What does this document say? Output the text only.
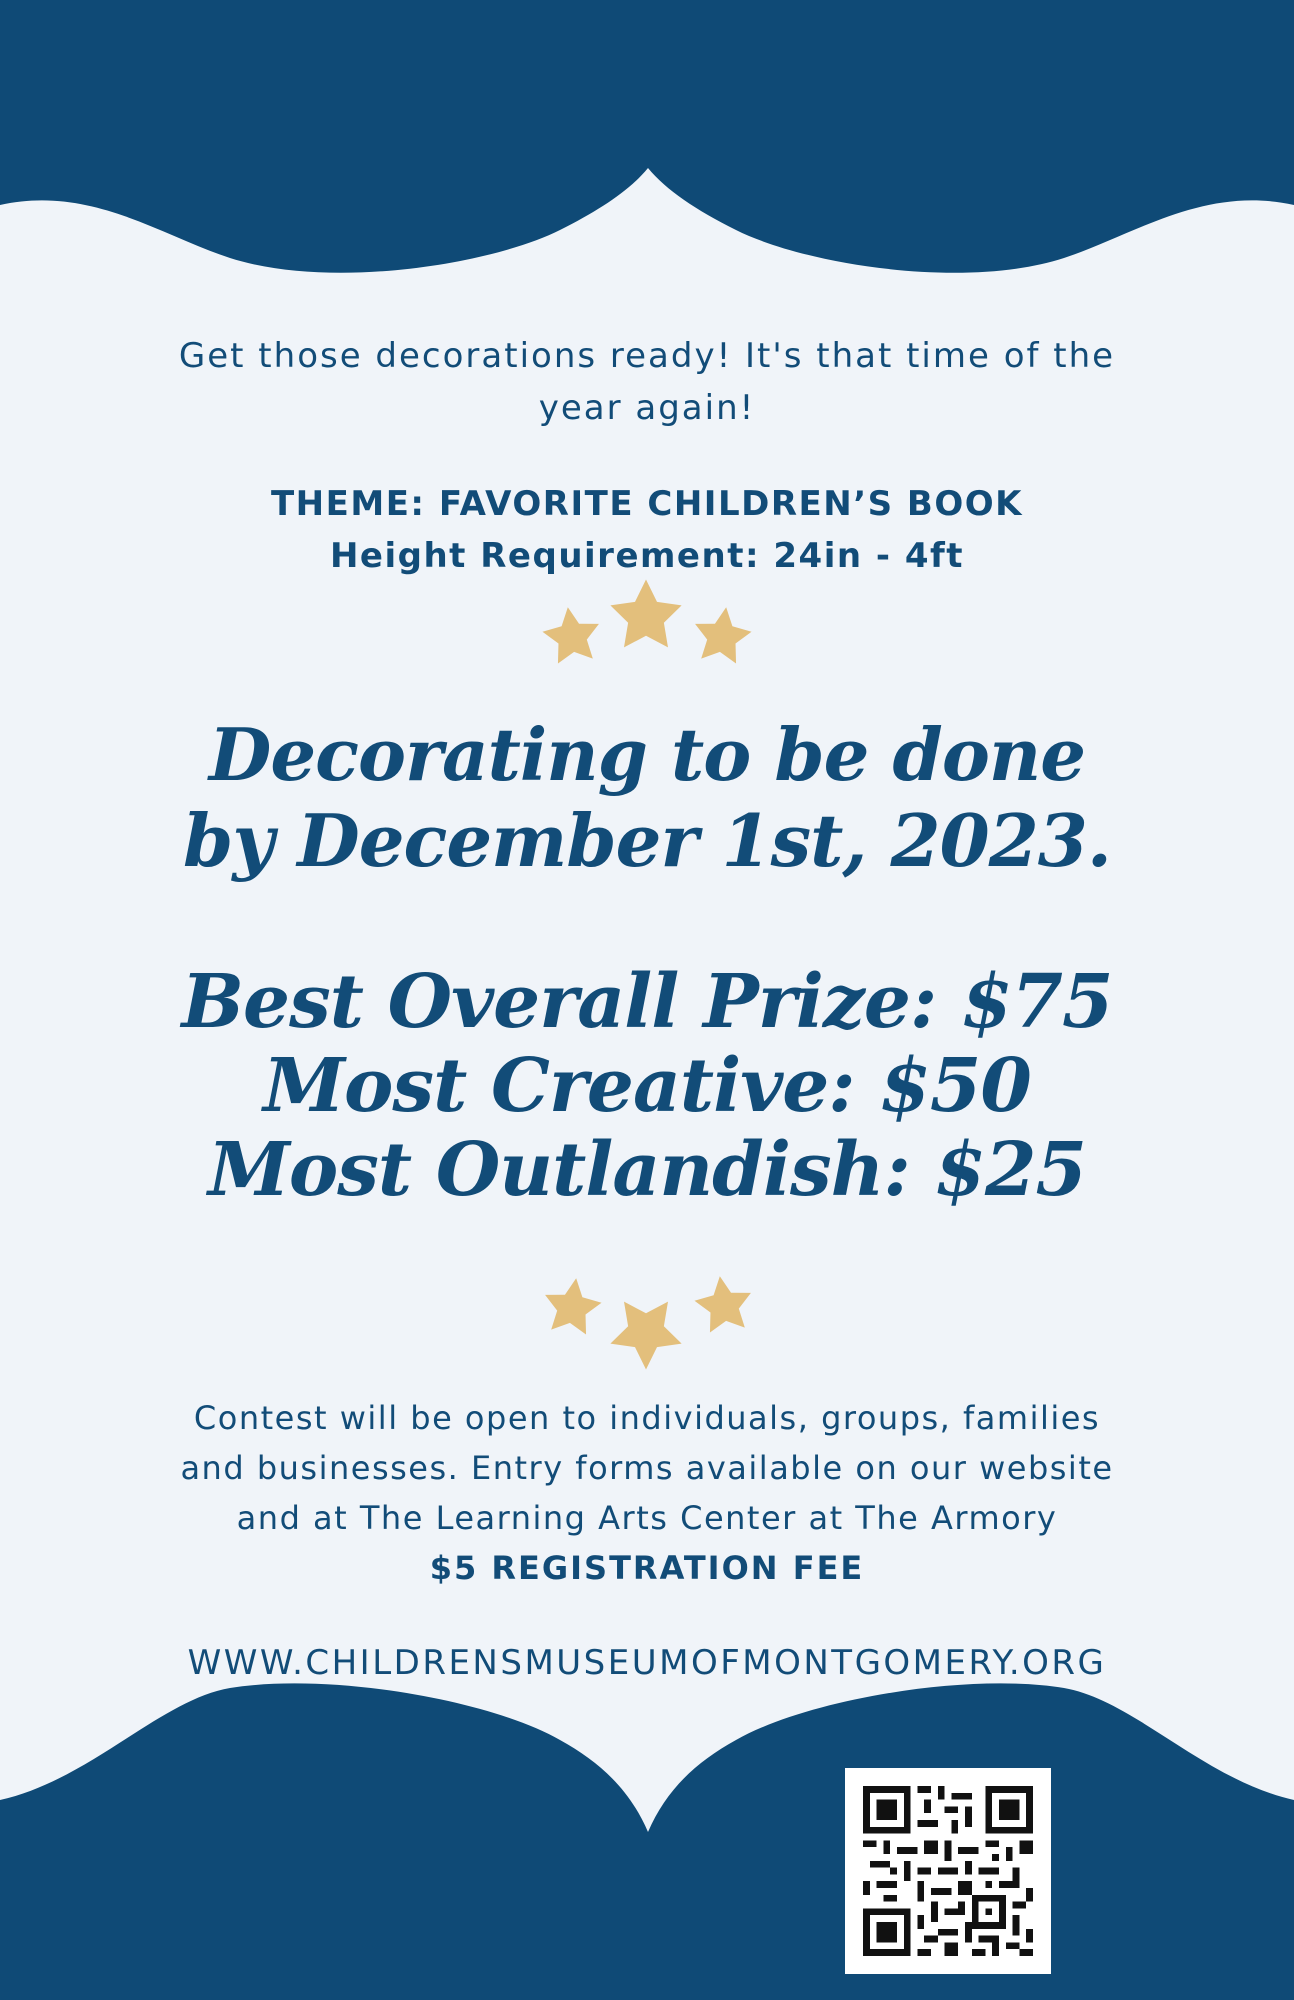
Get those decorations ready! It's that time of the
year again!
THEME: FAVORITE CHILDREN’S BOOK
Height Requirement: 24in - 4ft
Decorating to be done
by December 1st, 2023.
Best Overall Prize: $75
Most Creative: $50
Most Outlandish: $25
Contest will be open to individuals, groups, families
and businesses. Entry forms available on our website
and at The Learning Arts Center at The Armory
$5 REGISTRATION FEE
WWW.CHILDRENSMUSEUMOFMONTGOMERY.ORG
